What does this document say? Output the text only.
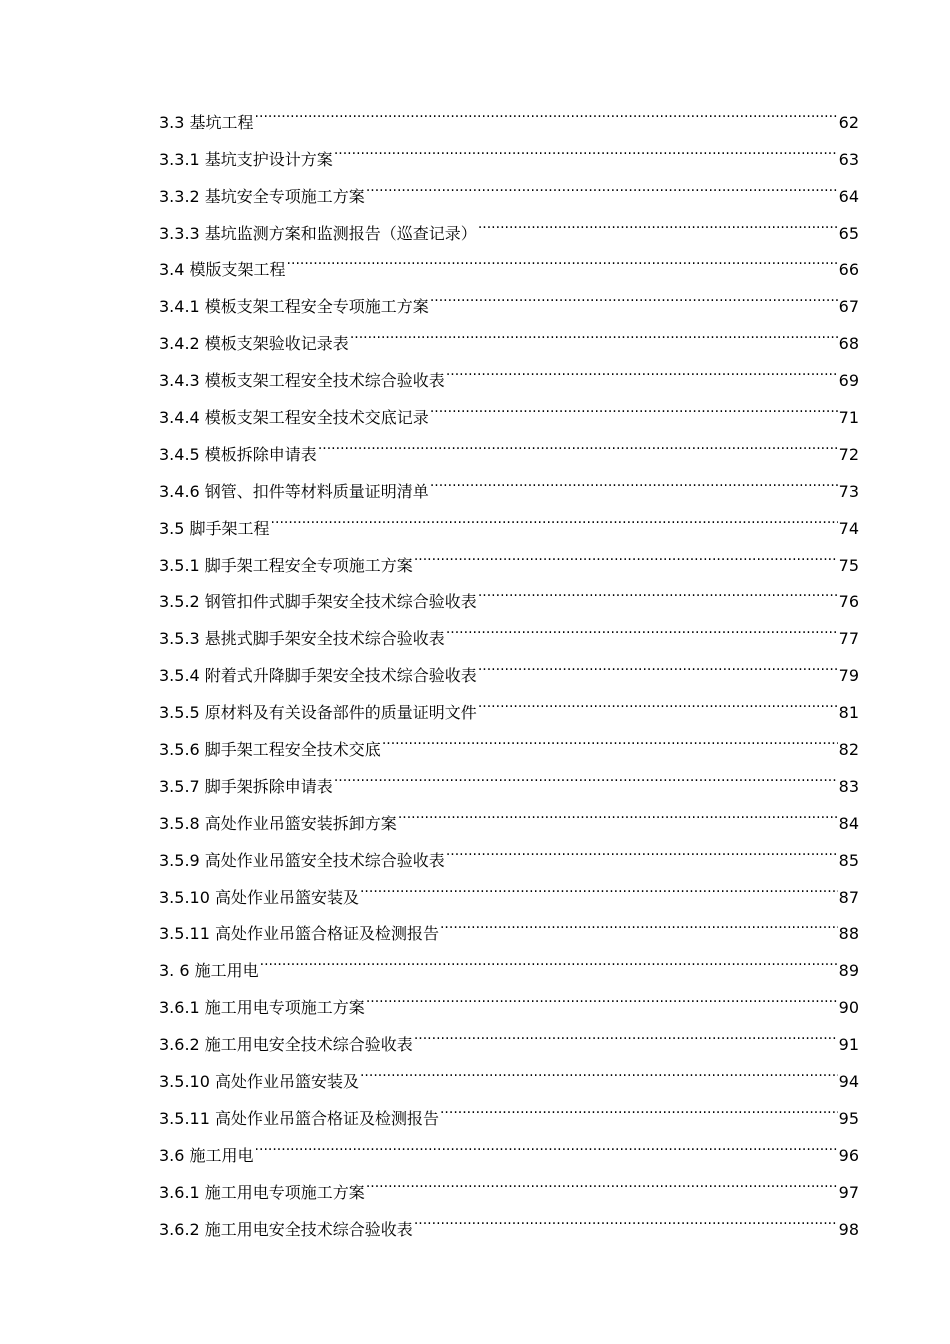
3.3 基坑工程 .....	62
3.3.1 基坑支护设计方案 .....	63
3.3.2 基坑安全专项施工方案 .....	64
3.3.3 基坑监测方案和监测报告（巡查记录） .....	65
3.4 模版支架工程 .....	66
3.4.1 模板支架工程安全专项施工方案 .....	67
3.4.2 模板支架验收记录表 .....	68
3.4.3 模板支架工程安全技术综合验收表 .....	69
3.4.4 模板支架工程安全技术交底记录 .....	71
3.4.5 模板拆除申请表 .....	72
3.4.6 钢管、扣件等材料质量证明清单 .....	73
3.5 脚手架工程 .....	74
3.5.1 脚手架工程安全专项施工方案 .....	75
3.5.2 钢管扣件式脚手架安全技术综合验收表 .....	76
3.5.3 悬挑式脚手架安全技术综合验收表 .....	77
3.5.4 附着式升降脚手架安全技术综合验收表 .....	79
3.5.5 原材料及有关设备部件的质量证明文件 .....	81
3.5.6 脚手架工程安全技术交底 .....	82
3.5.7 脚手架拆除申请表 .....	83
3.5.8 高处作业吊篮安装拆卸方案 .....	84
3.5.9 高处作业吊篮安全技术综合验收表 .....	85
3.5.10 高处作业吊篮安装及 .....	87
3.5.11 高处作业吊篮合格证及检测报告 .....	88
3. 6 施工用电 .....	89
3.6.1 施工用电专项施工方案 .....	90
3.6.2 施工用电安全技术综合验收表 .....	91
3.5.10 高处作业吊篮安装及 .....	94
3.5.11 高处作业吊篮合格证及检测报告 .....	95
3.6 施工用电 .....	96
3.6.1 施工用电专项施工方案 .....	97
3.6.2 施工用电安全技术综合验收表 .....	98
